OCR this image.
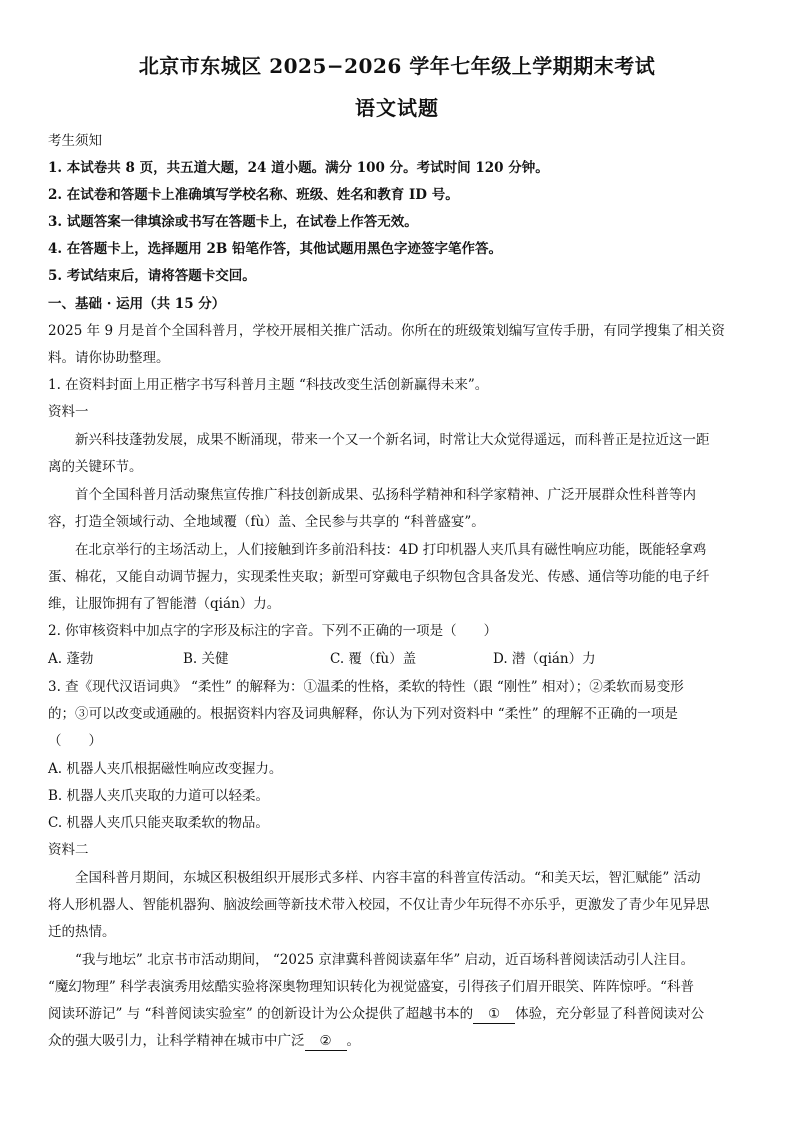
北京市东城区 2025−2026 学年七年级上学期期末考试
语文试题
考生须知
1. 本试卷共 8 页，共五道大题，24 道小题。满分 100 分。考试时间 120 分钟。
2. 在试卷和答题卡上准确填写学校名称、班级、姓名和教育 ID 号。
3. 试题答案一律填涂或书写在答题卡上，在试卷上作答无效。
4. 在答题卡上，选择题用 2B 铅笔作答，其他试题用黑色字迹签字笔作答。
5. 考试结束后，请将答题卡交回。
一、基础 · 运用（共 15 分）
2025 年 9 月是首个全国科普月，学校开展相关推广活动。你所在的班级策划编写宣传手册，有同学搜集了相关资
料。请你协助整理。
1. 在资料封面上用正楷字书写科普月主题 “科技改变生活创新赢得未来”。
资料一
新兴科技蓬勃发展，成果不断涌现，带来一个又一个新名词，时常让大众觉得遥远，而科普正是拉近这一距
离的关键环节。
首个全国科普月活动聚焦宣传推广科技创新成果、弘扬科学精神和科学家精神、广泛开展群众性科普等内
容，打造全领域行动、全地域覆（fù）盖、全民参与共享的 “科普盛宴”。
在北京举行的主场活动上，人们接触到许多前沿科技：4D 打印机器人夹爪具有磁性响应功能，既能轻拿鸡
蛋、棉花，又能自动调节握力，实现柔性夹取；新型可穿戴电子织物包含具备发光、传感、通信等功能的电子纤
维，让服饰拥有了智能潜（qián）力。
2. 你审核资料中加点字的字形及标注的字音。下列不正确的一项是（　　）
A. 蓬勃	B. 关健	C. 覆（fù）盖	D. 潜（qián）力
3. 查《现代汉语词典》 “柔性” 的解释为：①温柔的性格，柔软的特性（跟 “刚性” 相对）；②柔软而易变形
的；③可以改变或通融的。根据资料内容及词典解释，你认为下列对资料中 “柔性” 的理解不正确的一项是
（　　）
A. 机器人夹爪根据磁性响应改变握力。
B. 机器人夹爪夹取的力道可以轻柔。
C. 机器人夹爪只能夹取柔软的物品。
资料二
全国科普月期间，东城区积极组织开展形式多样、内容丰富的科普宣传活动。“和美天坛，智汇赋能” 活动
将人形机器人、智能机器狗、脑波绘画等新技术带入校园，不仅让青少年玩得不亦乐乎，更激发了青少年见异思
迁的热情。
“我与地坛” 北京书市活动期间， “2025 京津冀科普阅读嘉年华” 启动，近百场科普阅读活动引人注目。
“魔幻物理” 科学表演秀用炫酷实验将深奥物理知识转化为视觉盛宴，引得孩子们眉开眼笑、阵阵惊呼。“科普
阅读环游记” 与 “科普阅读实验室” 的创新设计为公众提供了超越书本的 ① 体验，充分彰显了科普阅读对公
众的强大吸引力，让科学精神在城市中广泛 ② 。
